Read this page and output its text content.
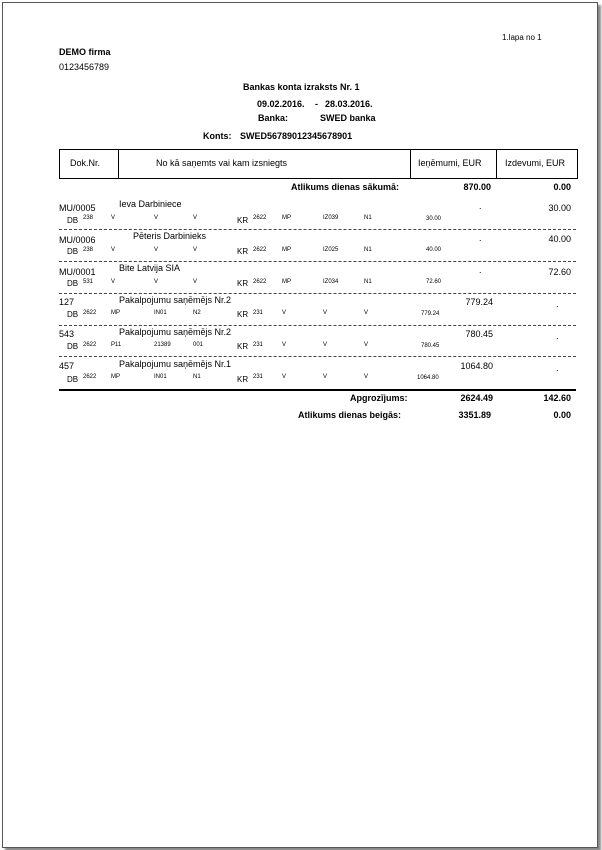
1.lapa no 1
DEMO firma
0123456789
Bankas konta izraksts Nr. 1
09.02.2016. - 28.03.2016.
Banka:	SWED banka
Konts: SWED56789012345678901
Dok.Nr.	No kā saņemts vai kam izsniegts	Ieņēmumi, EUR	Izdevumi, EUR
Atlikums dienas sākumā:	870.00	0.00
MU/0005	Ieva Darbiniece	.	30.00
DB 238	V	V	V	KR 2622	MP	IZ039	N1	30.00
MU/0006	Pēteris Darbinieks	.	40.00
DB 238	V	V	V	KR 2622	MP	IZ025	N1	40.00
MU/0001	Bite Latvija SIA	.	72.60
DB 531	V	V	V	KR 2622	MP	IZ034	N1	72.60
127	Pakalpojumu saņēmējs Nr.2	779.24	.
DB 2622 MP	IN01	N2	KR 231	V	V	V	779.24
543	Pakalpojumu saņēmējs Nr.2	780.45	.
DB 2622 P11	21389	001	KR 231	V	V	V	780.45
457	Pakalpojumu saņēmējs Nr.1	1064.80	.
DB 2622 MP	IN01	N1	KR 231	V	V	V	1064.80
Apgrozījums:	2624.49	142.60
Atlikums dienas beigās:	3351.89	0.00
